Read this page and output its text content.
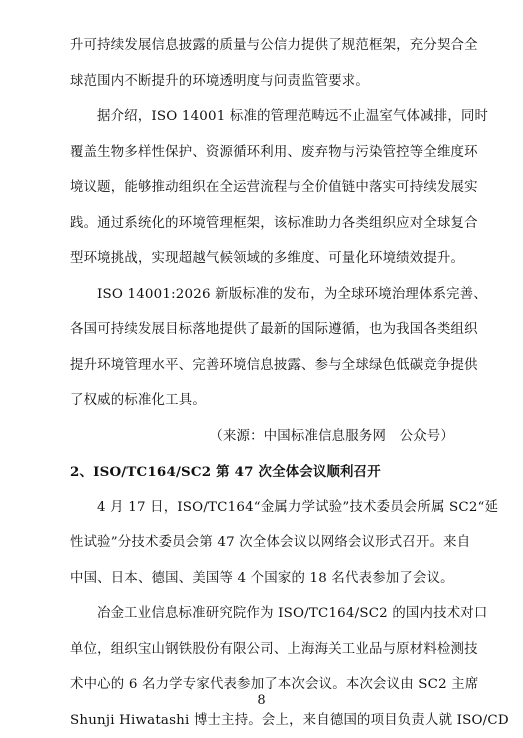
升可持续发展信息披露的质量与公信力提供了规范框架，充分契合全
球范围内不断提升的环境透明度与问责监管要求。
据介绍，ISO 14001 标准的管理范畴远不止温室气体减排，同时
覆盖生物多样性保护、资源循环利用、废弃物与污染管控等全维度环
境议题，能够推动组织在全运营流程与全价值链中落实可持续发展实
践。通过系统化的环境管理框架，该标准助力各类组织应对全球复合
型环境挑战，实现超越气候领域的多维度、可量化环境绩效提升。
ISO 14001:2026 新版标准的发布，为全球环境治理体系完善、
各国可持续发展目标落地提供了最新的国际遵循，也为我国各类组织
提升环境管理水平、完善环境信息披露、参与全球绿色低碳竞争提供
了权威的标准化工具。
（来源：中国标准信息服务网　公众号）
2、ISO/TC164/SC2 第 47 次全体会议顺利召开
4 月 17 日，ISO/TC164“金属力学试验”技术委员会所属 SC2“延
性试验”分技术委员会第 47 次全体会议以网络会议形式召开。来自
中国、日本、德国、美国等 4 个国家的 18 名代表参加了会议。
冶金工业信息标准研究院作为 ISO/TC164/SC2 的国内技术对口
单位，组织宝山钢铁股份有限公司、上海海关工业品与原材料检测技
术中心的 6 名力学专家代表参加了本次会议。本次会议由 SC2 主席
Shunji Hiwatashi 博士主持。会上，来自德国的项目负责人就 ISO/CD
8
